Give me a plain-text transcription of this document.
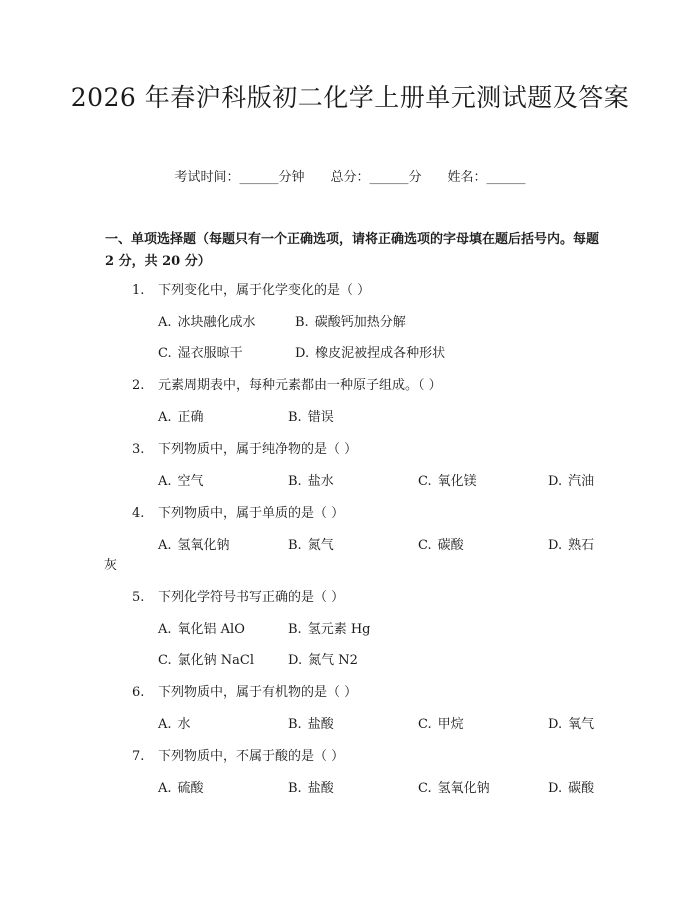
2026 年春沪科版初二化学上册单元测试题及答案
考试时间：______分钟 总分：______分 姓名：______
一、单项选择题（每题只有一个正确选项，请将正确选项的字母填在题后括号内。每题 2 分，共 20 分）
1. 下列变化中，属于化学变化的是（ ）
A. 冰块融化成水	B. 碳酸钙加热分解
C. 湿衣服晾干	D. 橡皮泥被捏成各种形状
2. 元素周期表中，每种元素都由一种原子组成。（ ）
A. 正确	B. 错误
3. 下列物质中，属于纯净物的是（ ）
A. 空气	B. 盐水	C. 氧化镁	D. 汽油
4. 下列物质中，属于单质的是（ ）
A. 氢氧化钠	B. 氮气	C. 碳酸	D. 熟石
灰
5. 下列化学符号书写正确的是（ ）
A. 氧化铝 AlO	B. 氢元素 Hg
C. 氯化钠 NaCl	D. 氮气 N2
6. 下列物质中，属于有机物的是（ ）
A. 水	B. 盐酸	C. 甲烷	D. 氧气
7. 下列物质中，不属于酸的是（ ）
A. 硫酸	B. 盐酸	C. 氢氧化钠	D. 碳酸
